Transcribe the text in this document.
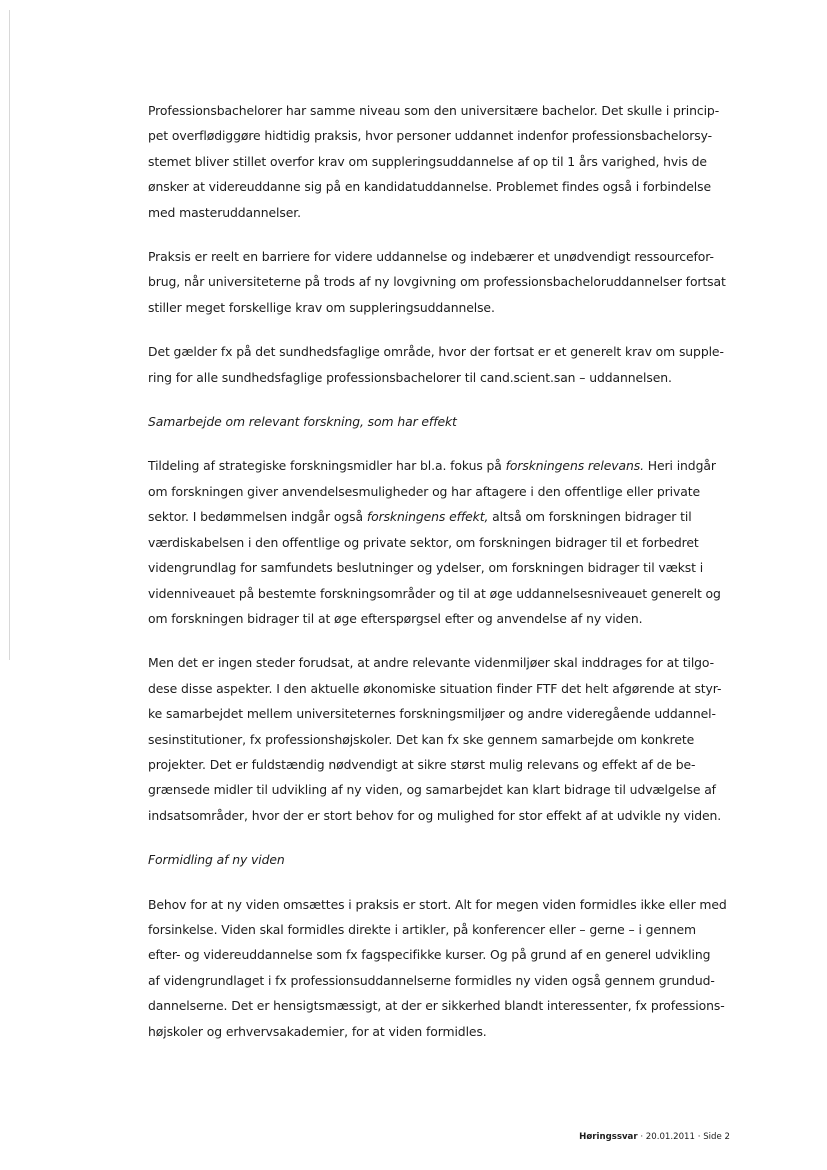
Professionsbachelorer har samme niveau som den universitære bachelor. Det skulle i princip-
pet overflødiggøre hidtidig praksis, hvor personer uddannet indenfor professionsbachelorsy-
stemet bliver stillet overfor krav om suppleringsuddannelse af op til 1 års varighed, hvis de
ønsker at videreuddanne sig på en kandidatuddannelse. Problemet findes også i forbindelse
med masteruddannelser.

Praksis er reelt en barriere for videre uddannelse og indebærer et unødvendigt ressourcefor-
brug, når universiteterne på trods af ny lovgivning om professionsbacheloruddannelser fortsat
stiller meget forskellige krav om suppleringsuddannelse.

Det gælder fx på det sundhedsfaglige område, hvor der fortsat er et generelt krav om supple-
ring for alle sundhedsfaglige professionsbachelorer til cand.scient.san – uddannelsen.

Samarbejde om relevant forskning, som har effekt

Tildeling af strategiske forskningsmidler har bl.a. fokus på forskningens relevans. Heri indgår
om forskningen giver anvendelsesmuligheder og har aftagere i den offentlige eller private
sektor. I bedømmelsen indgår også forskningens effekt, altså om forskningen bidrager til
værdiskabelsen i den offentlige og private sektor, om forskningen bidrager til et forbedret
videngrundlag for samfundets beslutninger og ydelser, om forskningen bidrager til vækst i
videnniveauet på bestemte forskningsområder og til at øge uddannelsesniveauet generelt og
om forskningen bidrager til at øge efterspørgsel efter og anvendelse af ny viden.

Men det er ingen steder forudsat, at andre relevante videnmiljøer skal inddrages for at tilgo-
dese disse aspekter. I den aktuelle økonomiske situation finder FTF det helt afgørende at styr-
ke samarbejdet mellem universiteternes forskningsmiljøer og andre videregående uddannel-
sesinstitutioner, fx professionshøjskoler. Det kan fx ske gennem samarbejde om konkrete
projekter. Det er fuldstændig nødvendigt at sikre størst mulig relevans og effekt af de be-
grænsede midler til udvikling af ny viden, og samarbejdet kan klart bidrage til udvælgelse af
indsatsområder, hvor der er stort behov for og mulighed for stor effekt af at udvikle ny viden.

Formidling af ny viden

Behov for at ny viden omsættes i praksis er stort. Alt for megen viden formidles ikke eller med
forsinkelse. Viden skal formidles direkte i artikler, på konferencer eller – gerne – i gennem
efter- og videreuddannelse som fx fagspecifikke kurser. Og på grund af en generel udvikling
af videngrundlaget i fx professionsuddannelserne formidles ny viden også gennem grundud-
dannelserne. Det er hensigtsmæssigt, at der er sikkerhed blandt interessenter, fx professions-
højskoler og erhvervsakademier, for at viden formidles.

Høringssvar · 20.01.2011 · Side 2
